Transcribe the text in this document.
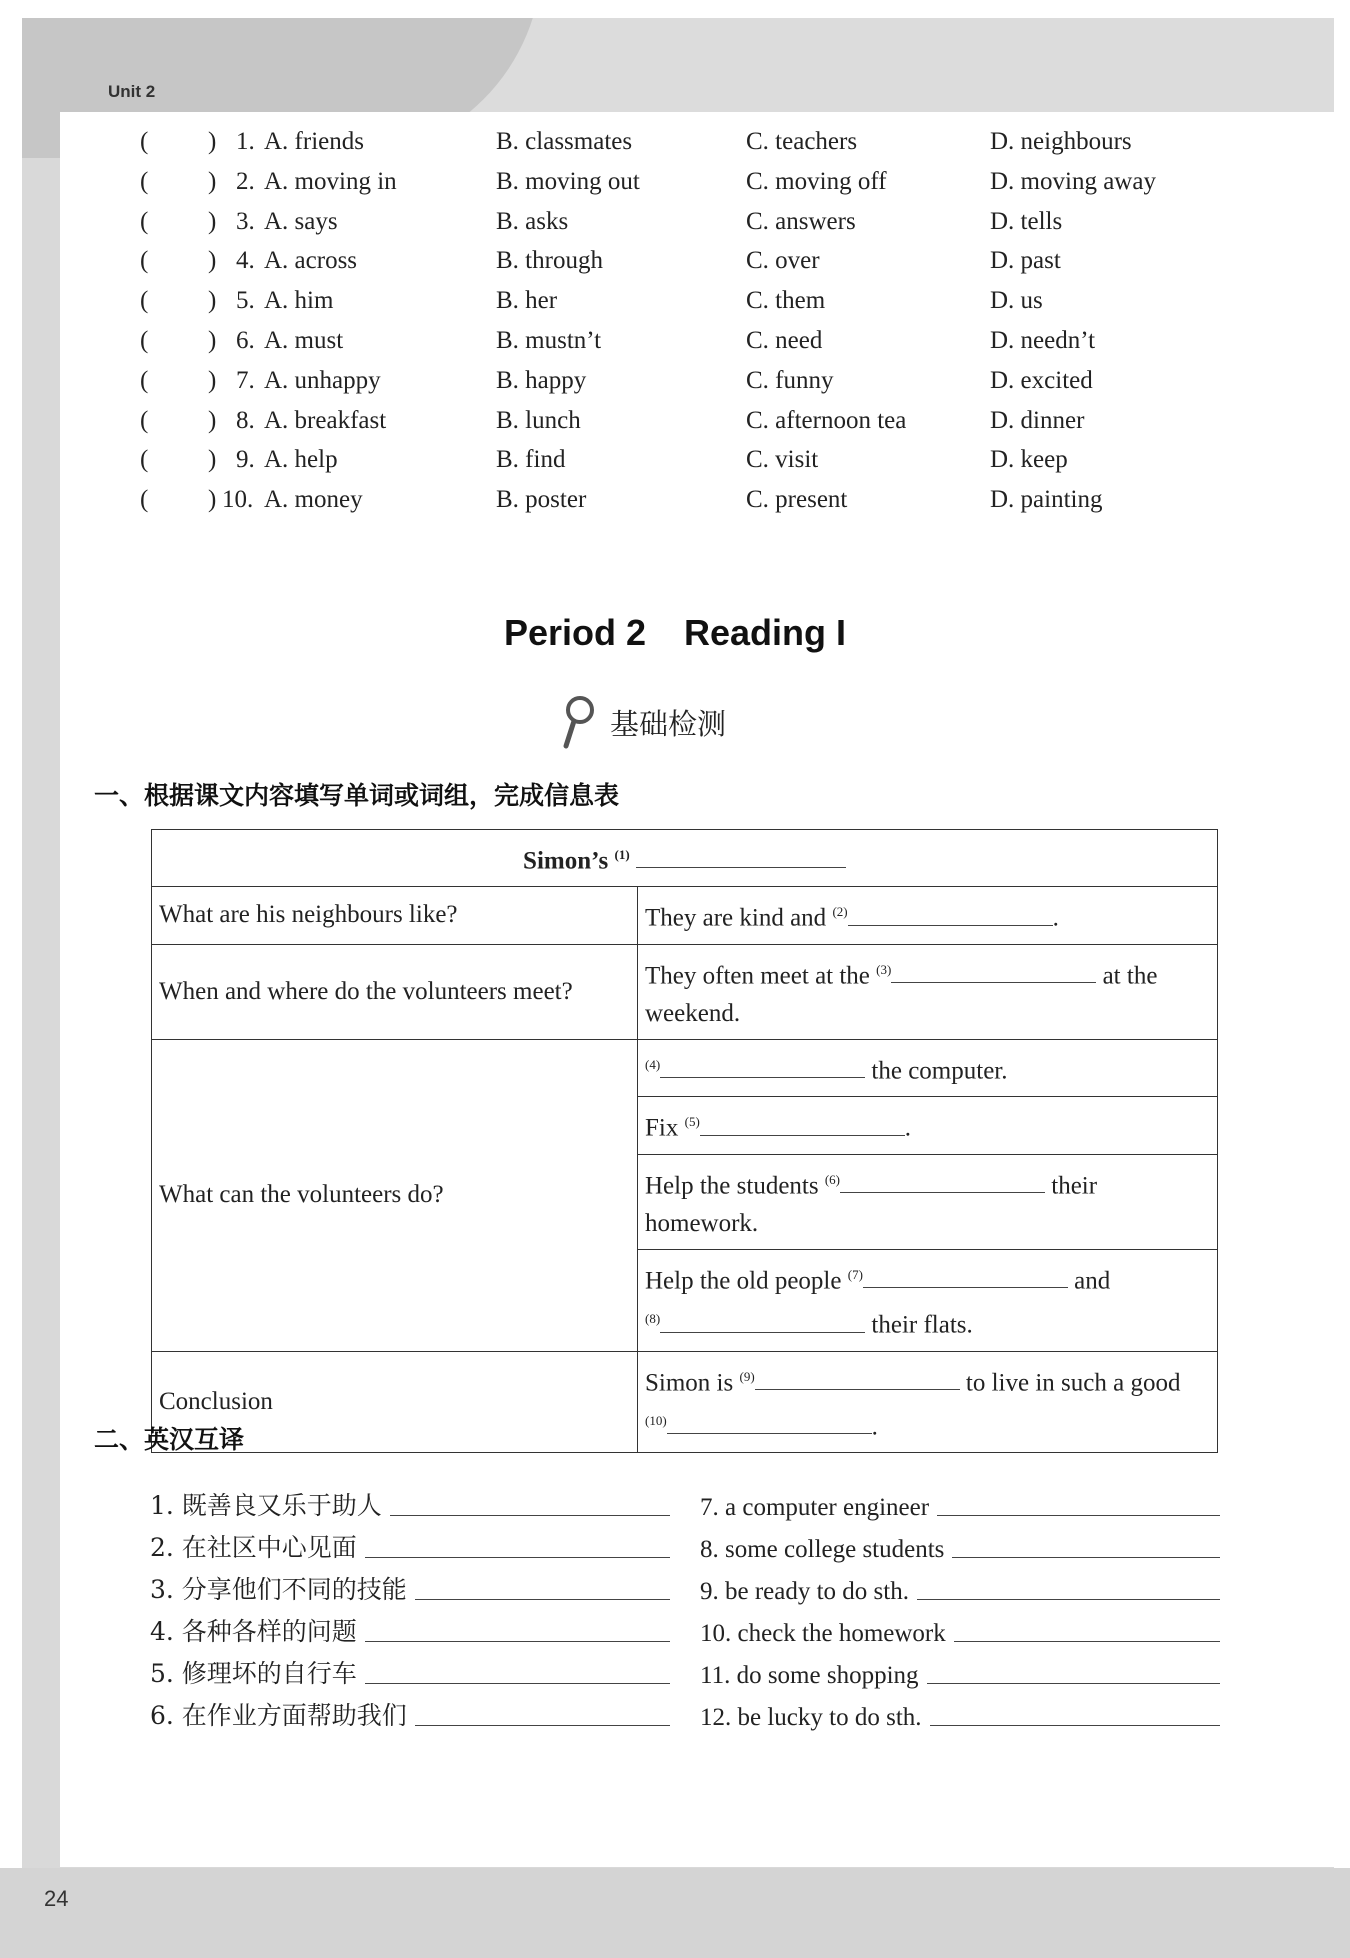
Unit 2
24
( ) 1. A. friends	B. classmates	C. teachers	D. neighbours
( ) 2. A. moving in	B. moving out	C. moving off	D. moving away
( ) 3. A. says	B. asks	C. answers	D. tells
( ) 4. A. across	B. through	C. over	D. past
( ) 5. A. him	B. her	C. them	D. us
( ) 6. A. must	B. mustn’t	C. need	D. needn’t
( ) 7. A. unhappy	B. happy	C. funny	D. excited
( ) 8. A. breakfast	B. lunch	C. afternoon tea	D. dinner
( ) 9. A. help	B. find	C. visit	D. keep
( ) 10. A. money	B. poster	C. present	D. painting
Period 2 Reading I
基础检测
一、根据课文内容填写单词或词组，完成信息表
Simon’s $^{(1)}$
What are his neighbours like?	They are kind and $^{(2)}$ .
When and where do the volunteers meet?	They often meet at the $^{(3)}$ at the
weekend.
What can the volunteers do?	$^{(4)}$ the computer.
	Fix $^{(5)}$ .
	Help the students $^{(6)}$ their
homework.
	Help the old people $^{(7)}$ and
$^{(8)}$ their flats.
Conclusion	Simon is $^{(9)}$ to live in such a good
$^{(10)}$ .
二、英汉互译
1. 既善良又乐于助人
2. 在社区中心见面
3. 分享他们不同的技能
4. 各种各样的问题
5. 修理坏的自行车
6. 在作业方面帮助我们
7. a computer engineer
8. some college students
9. be ready to do sth.
10. check the homework
11. do some shopping
12. be lucky to do sth.
